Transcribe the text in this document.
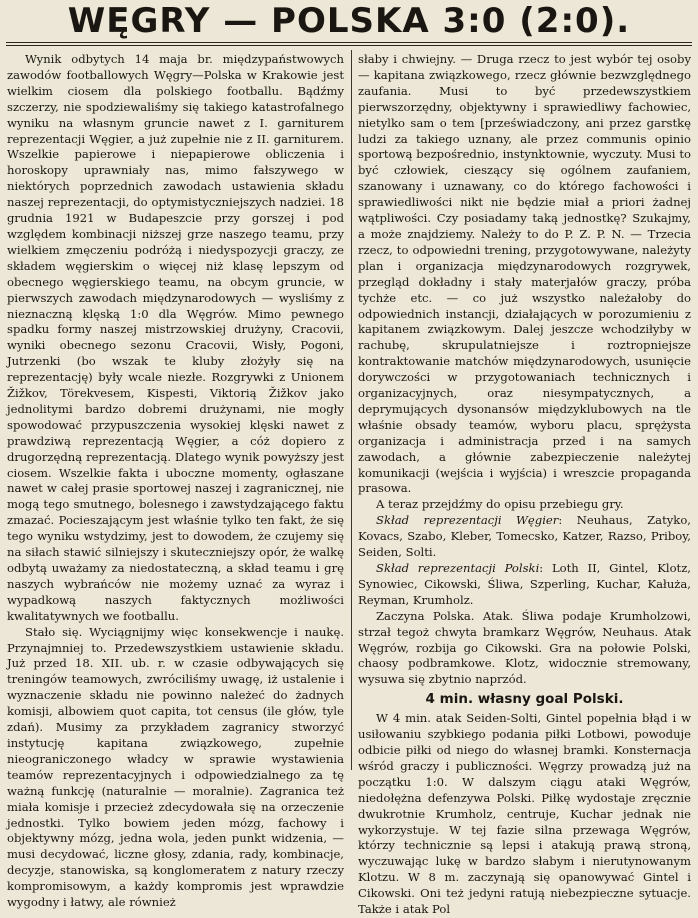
WĘGRY — POLSKA 3:0 (2:0).

Wynik odbytych 14 maja br. międzypaństwowych zawodów footballowych Węgry—Polska w Krakowie jest wielkim ciosem dla polskiego footballu. Bądźmy szczerzy, nie spodziewaliśmy się takiego katastrofalnego wyniku na własnym gruncie nawet z I. garniturem reprezentacji Węgier, a już zupełnie nie z II. garniturem. Wszelkie papierowe i niepapierowe obliczenia i horoskopy uprawniały nas, mimo fałszywego w niektórych poprzednich zawodach ustawienia składu naszej reprezentacji, do optymistyczniejszych nadziei. 18 grudnia 1921 w Budapeszcie przy gorszej i pod względem kombinacji niższej grze naszego teamu, przy wielkiem zmęczeniu podróżą i niedyspozycji graczy, ze składem węgierskim o więcej niż klasę lepszym od obecnego węgierskiego teamu, na obcym gruncie, w pierwszych zawodach międzynarodowych — wysliśmy z nieznaczną klęską 1:0 dla Węgrów. Mimo pewnego spadku formy naszej mistrzowskiej drużyny, Cracovii, wyniki obecnego sezonu Cracovii, Wisły, Pogoni, Jutrzenki (bo wszak te kluby złożyły się na reprezentację) były wcale niezłe. Rozgrywki z Unionem Žižkov, Törekvesem, Kispesti, Viktorią Žižkov jako jednolitymi bardzo dobremi drużynami, nie mogły spowodować przypuszczenia wysokiej klęski nawet z prawdziwą reprezentacją Węgier, a cóż dopiero z drugorzędną reprezentacją. Dlatego wynik powyższy jest ciosem. Wszelkie fakta i uboczne momenty, ogłaszane nawet w całej prasie sportowej naszej i zagranicznej, nie mogą tego smutnego, bolesnego i zawstydzającego faktu zmazać. Pocieszającym jest właśnie tylko ten fakt, że się tego wyniku wstydzimy, jest to dowodem, że czujemy się na siłach stawić silniejszy i skuteczniejszy opór, że walkę odbytą uważamy za niedostateczną, a skład teamu i grę naszych wybrańców nie możemy uznać za wyraz i wypadkową naszych faktycznych możliwości kwalitatywnych we footballu.

Stało się. Wyciągnijmy więc konsekwencje i naukę. Przynajmniej to. Przedewszystkiem ustawienie składu. Już przed 18. XII. ub. r. w czasie odbywających się treningów teamowych, zwróciliśmy uwagę, iż ustalenie i wyznaczenie składu nie powinno należeć do żadnych komisji, albowiem quot capita, tot census (ile głów, tyle zdań). Musimy za przykładem zagranicy stworzyć instytucję kapitana związkowego, zupełnie nieograniczonego władcy w sprawie wystawienia teamów reprezentacyjnych i odpowiedzialnego za tę ważną funkcję (naturalnie — moralnie). Zagranica też miała komisje i przecież zdecydowała się na orzeczenie jednostki. Tylko bowiem jeden mózg, fachowy i objektywny mózg, jedna wola, jeden punkt widzenia, — musi decydować, liczne głosy, zdania, rady, kombinacje, decyzje, stanowiska, są konglomeratem z natury rzeczy kompromisowym, a każdy kompromis jest wprawdzie wygodny i łatwy, ale również

słaby i chwiejny. — Druga rzecz to jest wybór tej osoby — kapitana związkowego, rzecz głównie bezwzględnego zaufania. Musi to być przedewszystkiem pierwszorzędny, objektywny i sprawiedliwy fachowiec, nietylko sam o tem [przeświadczony, ani przez garstkę ludzi za takiego uznany, ale przez communis opinio sportową bezpośrednio, instynktownie, wyczuty. Musi to być człowiek, cieszący się ogólnem zaufaniem, szanowany i uznawany, co do którego fachowości i sprawiedliwości nikt nie będzie miał a priori żadnej wątpliwości. Czy posiadamy taką jednostkę? Szukajmy, a może znajdziemy. Należy to do P. Z. P. N. — Trzecia rzecz, to odpowiedni trening, przygotowywane, należyty plan i organizacja międzynarodowych rozgrywek, przegląd dokładny i stały materjałów graczy, próba tychże etc. — co już wszystko należałoby do odpowiednich instancji, działających w porozumieniu z kapitanem związkowym. Dalej jeszcze wchodziłyby w rachubę, skrupulatniejsze i roztropniejsze kontraktowanie matchów międzynarodowych, usunięcie dorywczości w przygotowaniach technicznych i organizacyjnych, oraz niesympatycznych, a deprymujących dysonansów międzyklubowych na tle właśnie obsady teamów, wyboru placu, sprężysta organizacja i administracja przed i na samych zawodach, a głównie zabezpieczenie należytej komunikacji (wejścia i wyjścia) i wreszcie propaganda prasowa.

A teraz przejdźmy do opisu przebiegu gry.

Skład reprezentacji Węgier: Neuhaus, Zatyko, Kovacs, Szabo, Kleber, Tomecsko, Katzer, Razso, Priboy, Seiden, Solti.

Skład reprezentacji Polski: Loth II, Gintel, Klotz, Synowiec, Cikowski, Śliwa, Szperling, Kuchar, Kałuża, Reyman, Krumholz.

Zaczyna Polska. Atak. Śliwa podaje Krumholzowi, strzał tegoż chwyta bramkarz Węgrów, Neuhaus. Atak Węgrów, rozbija go Cikowski. Gra na połowie Polski, chaosy podbramkowe. Klotz, widocznie stremowany, wysuwa się zbytnio naprzód.

4 min. własny goal Polski.

W 4 min. atak Seiden-Solti, Gintel popełnia błąd i w usiłowaniu szybkiego podania piłki Lotbowi, powoduje odbicie piłki od niego do własnej bramki. Konsternacja wśród graczy i publiczności. Węgrzy prowadzą już na początku 1:0. W dalszym ciągu ataki Węgrów, niedołężna defenzywa Polski. Piłkę wydostaje zręcznie dwukrotnie Krumholz, centruje, Kuchar jednak nie wykorzystuje. W tej fazie silna przewaga Węgrów, którzy technicznie są lepsi i atakują prawą stroną, wyczuwając lukę w bardzo słabym i nierutynowanym Klotzu. W 8 m. zaczynają się opanowywać Gintel i Cikowski. Oni też jedyni ratują niebezpieczne sytuacje. Także i atak Pol
